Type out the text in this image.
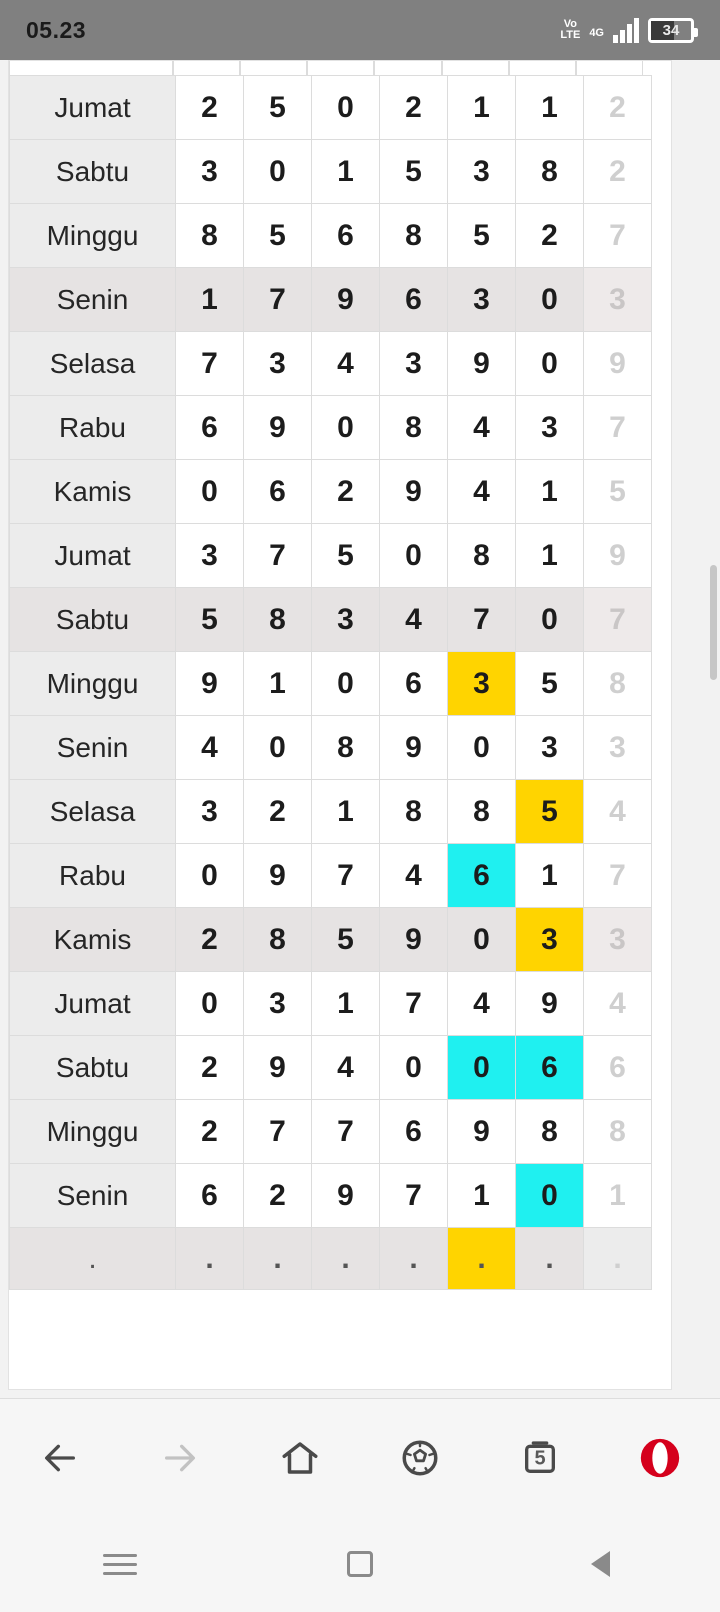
05.23	Vo
LTE 4G	34
Jumat	2	5	0	2	1	1	2
Sabtu	3	0	1	5	3	8	2
Minggu	8	5	6	8	5	2	7
Senin	1	7	9	6	3	0	3
Selasa	7	3	4	3	9	0	9
Rabu	6	9	0	8	4	3	7
Kamis	0	6	2	9	4	1	5
Jumat	3	7	5	0	8	1	9
Sabtu	5	8	3	4	7	0	7
Minggu	9	1	0	6	3	5	8
Senin	4	0	8	9	0	3	3
Selasa	3	2	1	8	8	5	4
Rabu	0	9	7	4	6	1	7
Kamis	2	8	5	9	0	3	3
Jumat	0	3	1	7	4	9	4
Sabtu	2	9	4	0	0	6	6
Minggu	2	7	7	6	9	8	8
Senin	6	2	9	7	1	0	1
.	.	.	.	.	.	.	.
5
